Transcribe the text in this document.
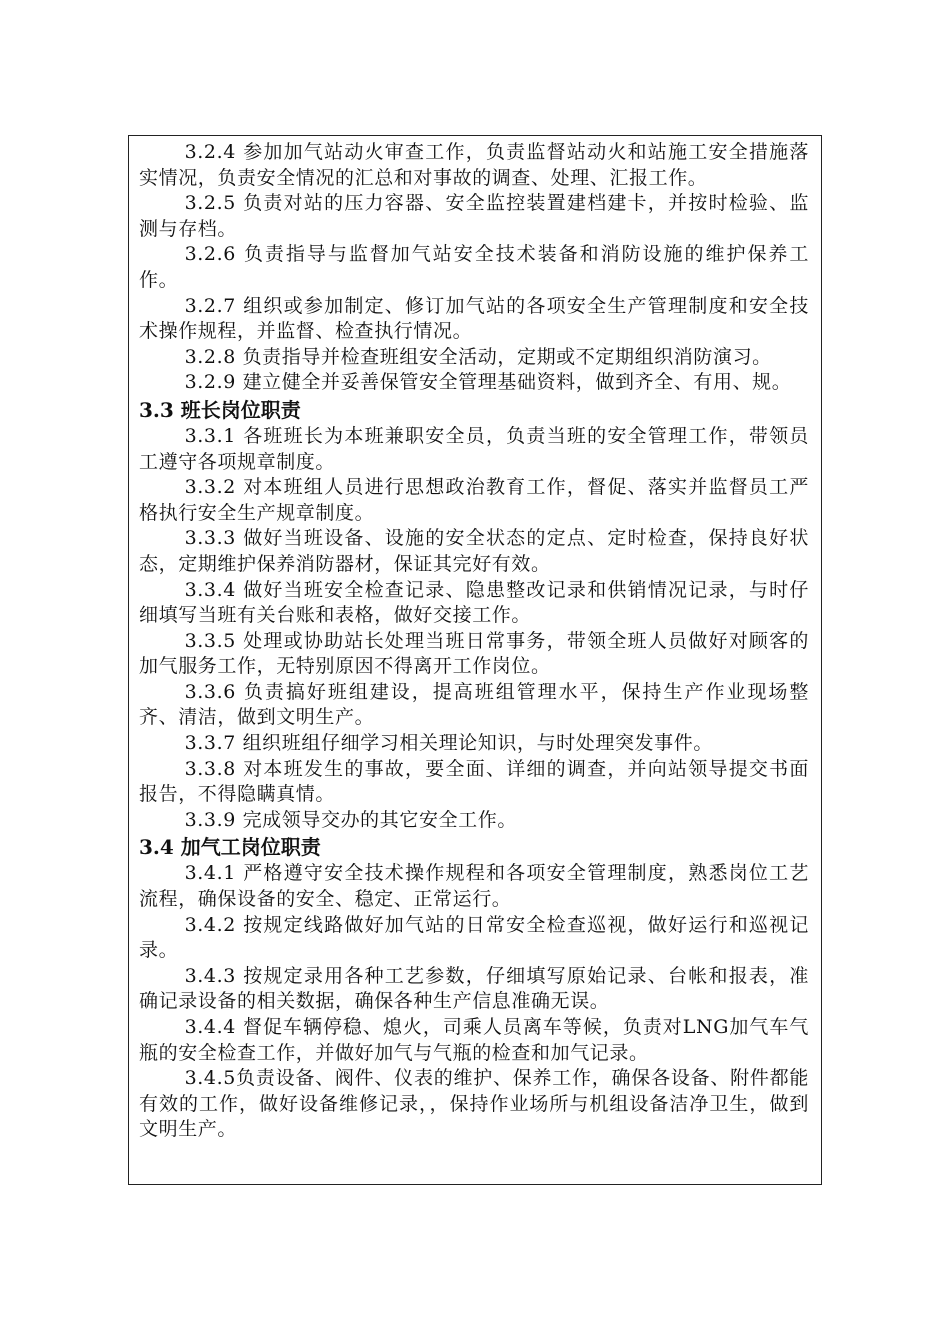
3.2.4 参加加气站动火审查工作，负责监督站动火和站施工安全措施落实情况，负责安全情况的汇总和对事故的调查、处理、汇报工作。

3.2.5 负责对站的压力容器、安全监控装置建档建卡，并按时检验、监测与存档。

3.2.6 负责指导与监督加气站安全技术装备和消防设施的维护保养工作。

3.2.7 组织或参加制定、修订加气站的各项安全生产管理制度和安全技术操作规程，并监督、检查执行情况。

3.2.8 负责指导并检查班组安全活动，定期或不定期组织消防演习。

3.2.9 建立健全并妥善保管安全管理基础资料，做到齐全、有用、规。

3.3 班长岗位职责

3.3.1 各班班长为本班兼职安全员，负责当班的安全管理工作，带领员工遵守各项规章制度。

3.3.2 对本班组人员进行思想政治教育工作，督促、落实并监督员工严格执行安全生产规章制度。

3.3.3 做好当班设备、设施的安全状态的定点、定时检查，保持良好状态，定期维护保养消防器材，保证其完好有效。

3.3.4 做好当班安全检查记录、隐患整改记录和供销情况记录，与时仔细填写当班有关台账和表格，做好交接工作。

3.3.5 处理或协助站长处理当班日常事务，带领全班人员做好对顾客的加气服务工作，无特别原因不得离开工作岗位。

3.3.6 负责搞好班组建设，提高班组管理水平，保持生产作业现场整齐、清洁，做到文明生产。

3.3.7 组织班组仔细学习相关理论知识，与时处理突发事件。

3.3.8 对本班发生的事故，要全面、详细的调查，并向站领导提交书面报告，不得隐瞒真情。

3.3.9 完成领导交办的其它安全工作。

3.4 加气工岗位职责

3.4.1 严格遵守安全技术操作规程和各项安全管理制度，熟悉岗位工艺流程，确保设备的安全、稳定、正常运行。

3.4.2 按规定线路做好加气站的日常安全检查巡视，做好运行和巡视记录。

3.4.3 按规定录用各种工艺参数，仔细填写原始记录、台帐和报表，准确记录设备的相关数据，确保各种生产信息准确无误。

3.4.4 督促车辆停稳、熄火，司乘人员离车等候，负责对LNG加气车气瓶的安全检查工作，并做好加气与气瓶的检查和加气记录。

3.4.5负责设备、阀件、仪表的维护、保养工作，确保各设备、附件都能有效的工作，做好设备维修记录，，保持作业场所与机组设备洁净卫生，做到文明生产。
